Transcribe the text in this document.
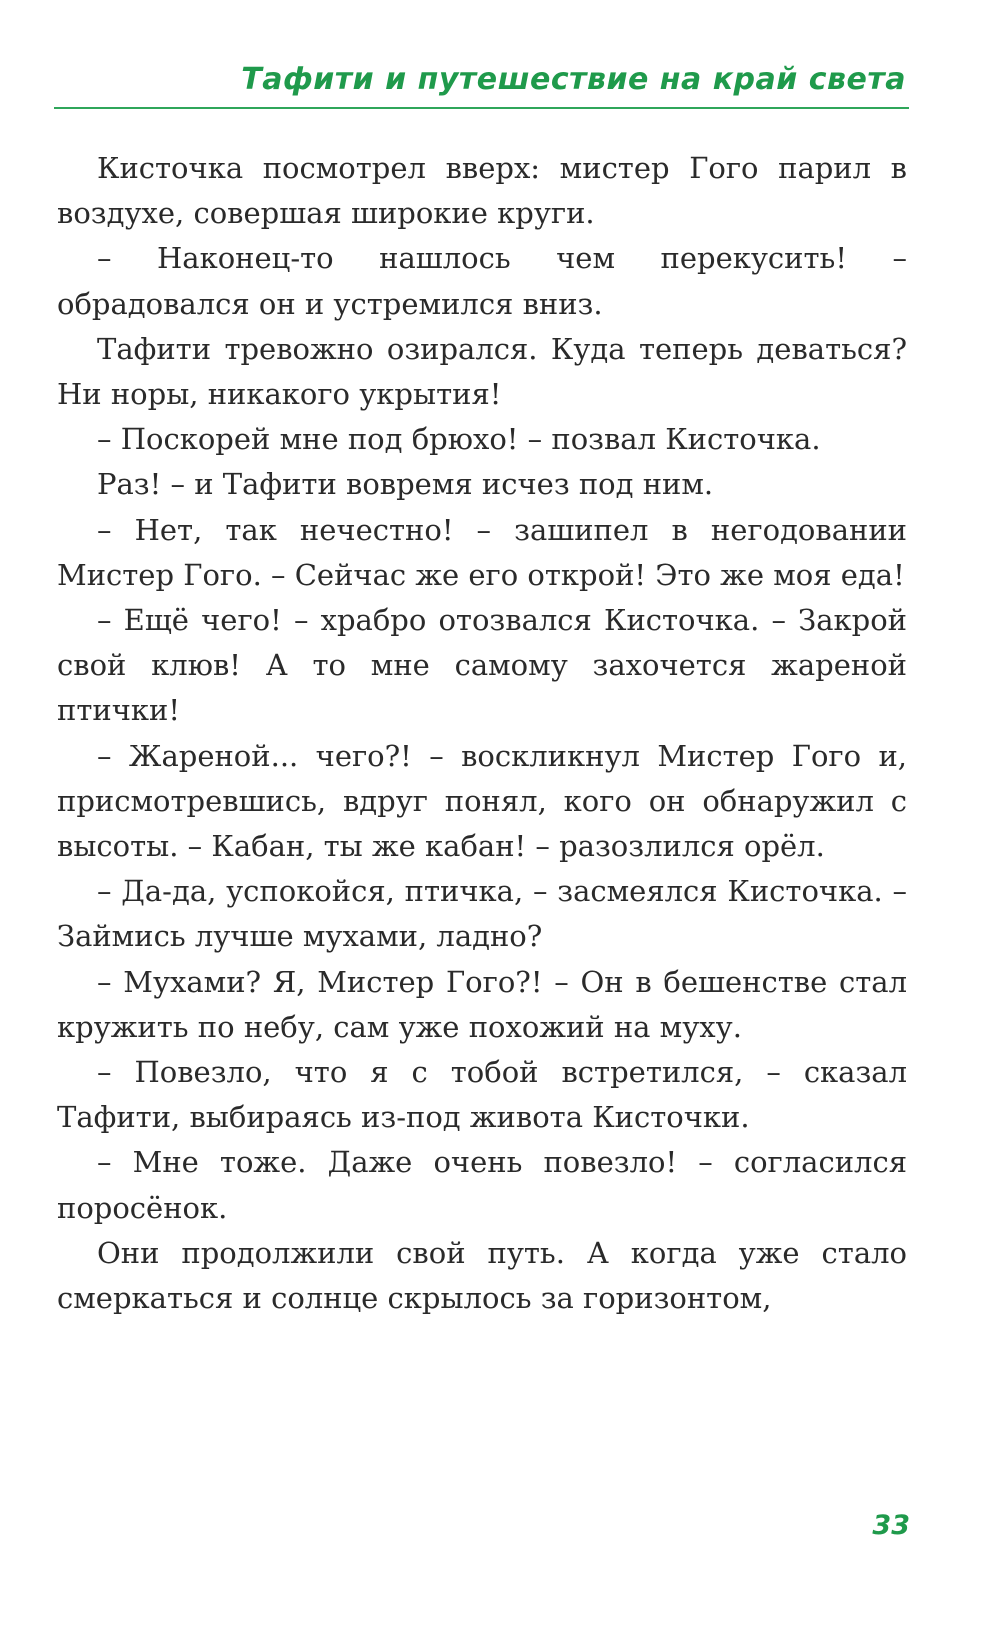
Тафити и путешествие на край света

Кисточка посмотрел вверх: мистер Гого парил в воздухе, совершая широкие круги.

– Наконец-то нашлось чем перекусить! – обрадовался он и устремился вниз.

Тафити тревожно озирался. Куда теперь деваться? Ни норы, никакого укрытия!

– Поскорей мне под брюхо! – позвал Кисточка.

Раз! – и Тафити вовремя исчез под ним.

– Нет, так нечестно! – зашипел в негодовании Мистер Гого. – Сейчас же его открой! Это же моя еда!

– Ещё чего! – храбро отозвался Кисточка. – Закрой свой клюв! А то мне самому захочется жареной птички!

– Жареной... чего?! – воскликнул Мистер Гого и, присмотревшись, вдруг понял, кого он обнаружил с высоты. – Кабан, ты же кабан! – разозлился орёл.

– Да-да, успокойся, птичка, – засмеялся Кисточка. – Займись лучше мухами, ладно?

– Мухами? Я, Мистер Гого?! – Он в бешенстве стал кружить по небу, сам уже похожий на муху.

– Повезло, что я с тобой встретился, – сказал Тафити, выбираясь из-под живота Кисточки.

– Мне тоже. Даже очень повезло! – согласился поросёнок.

Они продолжили свой путь. А когда уже стало смеркаться и солнце скрылось за горизонтом,

33
